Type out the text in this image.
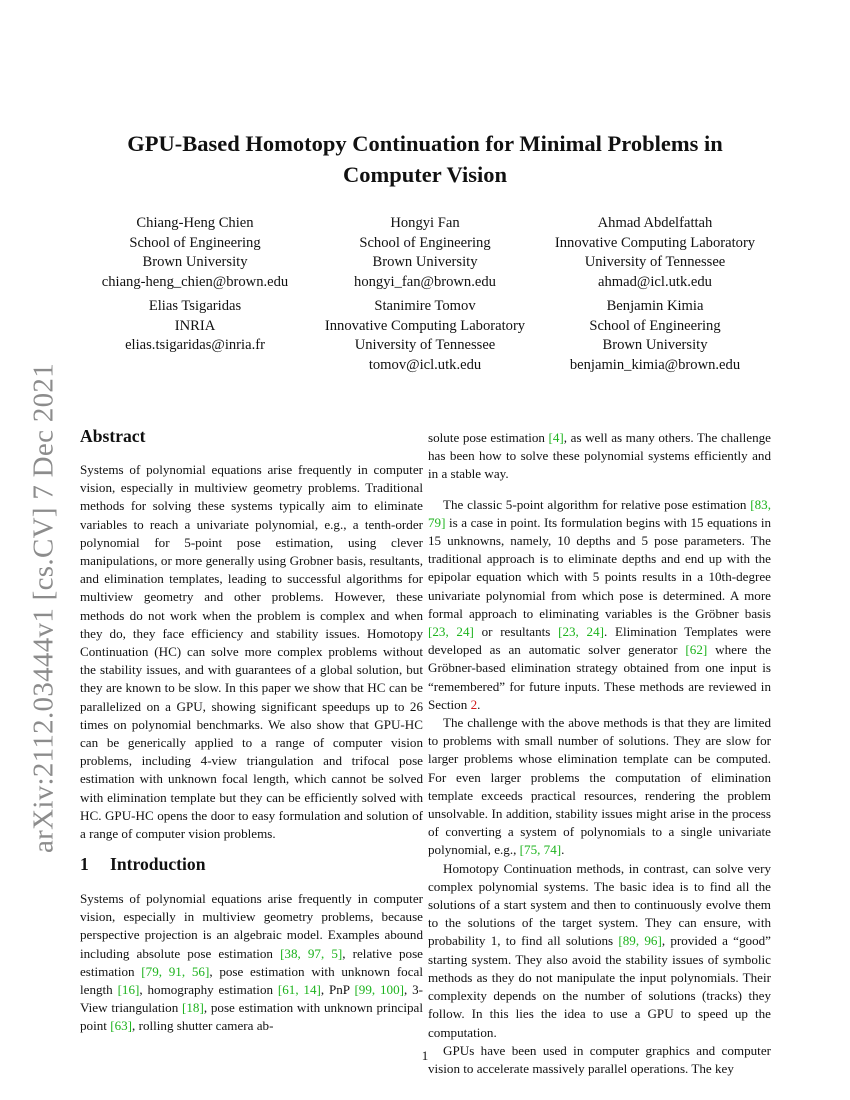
arXiv:2112.03444v1 [cs.CV] 7 Dec 2021
GPU-Based Homotopy Continuation for Minimal Problems in Computer Vision
Chiang-Heng Chien
School of Engineering
Brown University
chiang-heng_chien@brown.edu
Hongyi Fan
School of Engineering
Brown University
hongyi_fan@brown.edu
Ahmad Abdelfattah
Innovative Computing Laboratory
University of Tennessee
ahmad@icl.utk.edu
Elias Tsigaridas
INRIA
elias.tsigaridas@inria.fr
Stanimire Tomov
Innovative Computing Laboratory
University of Tennessee
tomov@icl.utk.edu
Benjamin Kimia
School of Engineering
Brown University
benjamin_kimia@brown.edu
Abstract

Systems of polynomial equations arise frequently in computer vision, especially in multiview geometry problems. Traditional methods for solving these systems typically aim to eliminate variables to reach a univariate polynomial, e.g., a tenth-order polynomial for 5-point pose estimation, using clever manipulations, or more generally using Grobner basis, resultants, and elimination templates, leading to successful algorithms for multiview geometry and other problems. However, these methods do not work when the problem is complex and when they do, they face efficiency and stability issues. Homotopy Continuation (HC) can solve more complex problems without the stability issues, and with guarantees of a global solution, but they are known to be slow. In this paper we show that HC can be parallelized on a GPU, showing significant speedups up to 26 times on polynomial benchmarks. We also show that GPU-HC can be generically applied to a range of computer vision problems, including 4-view triangulation and trifocal pose estimation with unknown focal length, which cannot be solved with elimination template but they can be efficiently solved with HC. GPU-HC opens the door to easy formulation and solution of a range of computer vision problems.

1 Introduction

Systems of polynomial equations arise frequently in computer vision, especially in multiview geometry problems, because perspective projection is an algebraic model. Examples abound including absolute pose estimation [38, 97, 5], relative pose estimation [79, 91, 56], pose estimation with unknown focal length [16], homography estimation [61, 14], PnP [99, 100], 3-View triangulation [18], pose estimation with unknown principal point [63], rolling shutter camera ab-

solute pose estimation [4], as well as many others. The challenge has been how to solve these polynomial systems efficiently and in a stable way.

The classic 5-point algorithm for relative pose estimation [83, 79] is a case in point. Its formulation begins with 15 equations in 15 unknowns, namely, 10 depths and 5 pose parameters. The traditional approach is to eliminate depths and end up with the epipolar equation which with 5 points results in a 10th-degree univariate polynomial from which pose is determined. A more formal approach to eliminating variables is the Gröbner basis [23, 24] or resultants [23, 24]. Elimination Templates were developed as an automatic solver generator [62] where the Gröbner-based elimination strategy obtained from one input is “remembered” for future inputs. These methods are reviewed in Section 2.

The challenge with the above methods is that they are limited to problems with small number of solutions. They are slow for larger problems whose elimination template can be computed. For even larger problems the computation of elimination template exceeds practical resources, rendering the problem unsolvable. In addition, stability issues might arise in the process of converting a system of polynomials to a single univariate polynomial, e.g., [75, 74].

Homotopy Continuation methods, in contrast, can solve very complex polynomial systems. The basic idea is to find all the solutions of a start system and then to continuously evolve them to the solutions of the target system. They can ensure, with probability 1, to find all solutions [89, 96], provided a “good” starting system. They also avoid the stability issues of symbolic methods as they do not manipulate the input polynomials. Their complexity depends on the number of solutions (tracks) they follow. In this lies the idea to use a GPU to speed up the computation.

GPUs have been used in computer graphics and computer vision to accelerate massively parallel operations. The key

1
